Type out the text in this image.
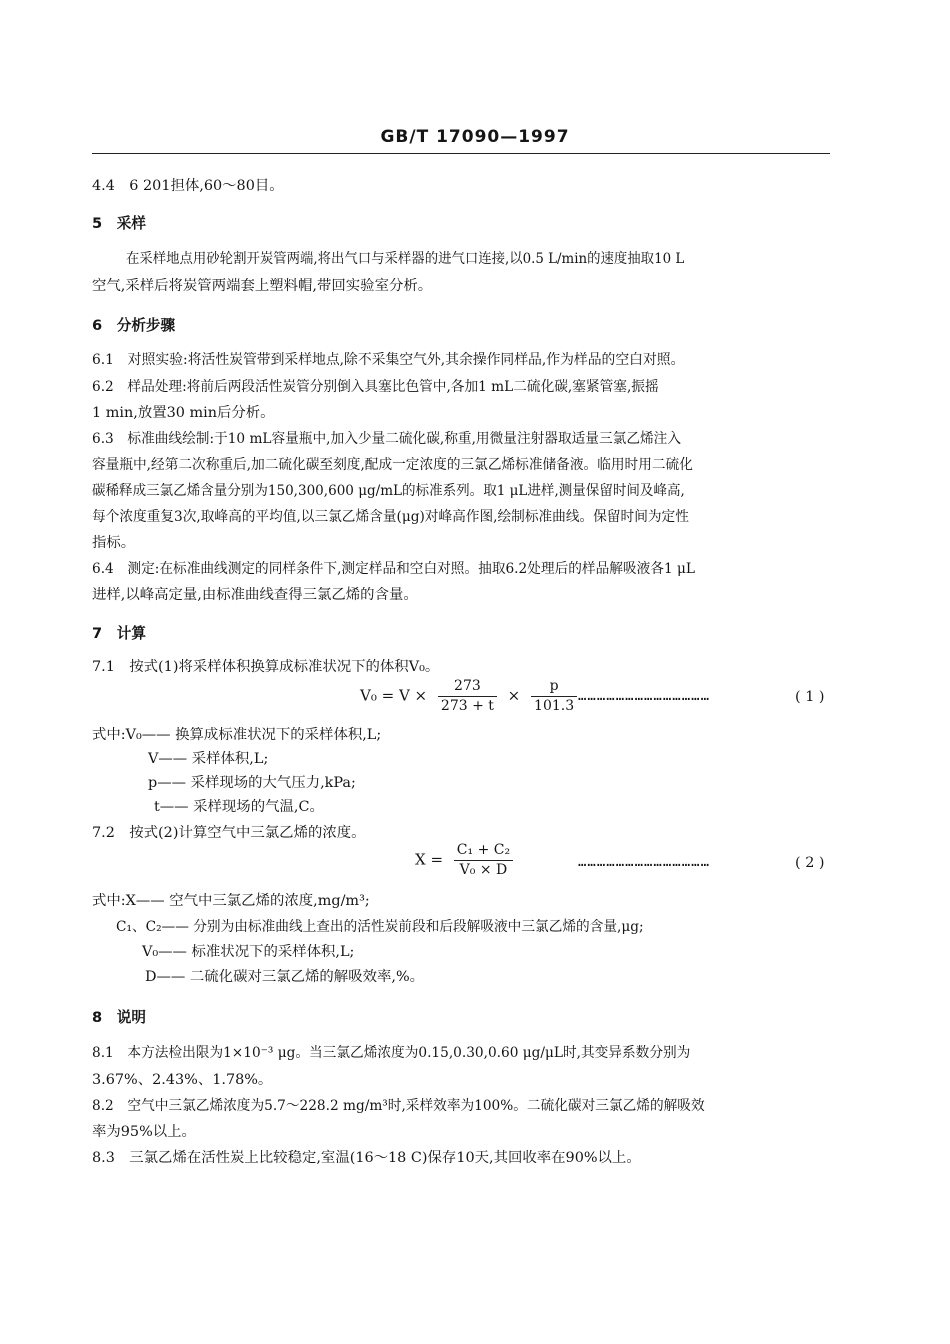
GB/T 17090—1997
4.4　6 201担体,60～80目。
5　采样
在采样地点用砂轮割开炭管两端,将出气口与采样器的进气口连接,以0.5 L/min的速度抽取10 L
空气,采样后将炭管两端套上塑料帽,带回实验室分析。
6　分析步骤
6.1　对照实验:将活性炭管带到采样地点,除不采集空气外,其余操作同样品,作为样品的空白对照。
6.2　样品处理:将前后两段活性炭管分别倒入具塞比色管中,各加1 mL二硫化碳,塞紧管塞,振摇
1 min,放置30 min后分析。
6.3　标准曲线绘制:于10 mL容量瓶中,加入少量二硫化碳,称重,用微量注射器取适量三氯乙烯注入
容量瓶中,经第二次称重后,加二硫化碳至刻度,配成一定浓度的三氯乙烯标准储备液。临用时用二硫化
碳稀释成三氯乙烯含量分别为150,300,600 μg/mL的标准系列。取1 μL进样,测量保留时间及峰高,
每个浓度重复3次,取峰高的平均值,以三氯乙烯含量(μg)对峰高作图,绘制标准曲线。保留时间为定性
指标。
6.4　测定:在标准曲线测定的同样条件下,测定样品和空白对照。抽取6.2处理后的样品解吸液各1 μL
进样,以峰高定量,由标准曲线查得三氯乙烯的含量。
7　计算
7.1　按式(1)将采样体积换算成标准状况下的体积V₀。
$V_0 = V \times \frac{273}{273 + t} \times \frac{p}{101.3}$ ……………………………………	( 1 )
式中:V₀—— 换算成标准状况下的采样体积,L;
V—— 采样体积,L;
p—— 采样现场的大气压力,kPa;
t—— 采样现场的气温,C。
7.2　按式(2)计算空气中三氯乙烯的浓度。
$X = \frac{\text{C₁ + C₂}}{\text{V₀ × D}}$	……………………………………	( 2 )
式中:X—— 空气中三氯乙烯的浓度,mg/m³;
C₁、C₂—— 分别为由标准曲线上查出的活性炭前段和后段解吸液中三氯乙烯的含量,μg;
V₀—— 标准状况下的采样体积,L;
D—— 二硫化碳对三氯乙烯的解吸效率,%。
8　说明
8.1　本方法检出限为1×10⁻³ μg。当三氯乙烯浓度为0.15,0.30,0.60 μg/μL时,其变异系数分别为
3.67%、2.43%、1.78%。
8.2　空气中三氯乙烯浓度为5.7～228.2 mg/m³时,采样效率为100%。二硫化碳对三氯乙烯的解吸效
率为95%以上。
8.3　三氯乙烯在活性炭上比较稳定,室温(16～18 C)保存10天,其回收率在90%以上。
